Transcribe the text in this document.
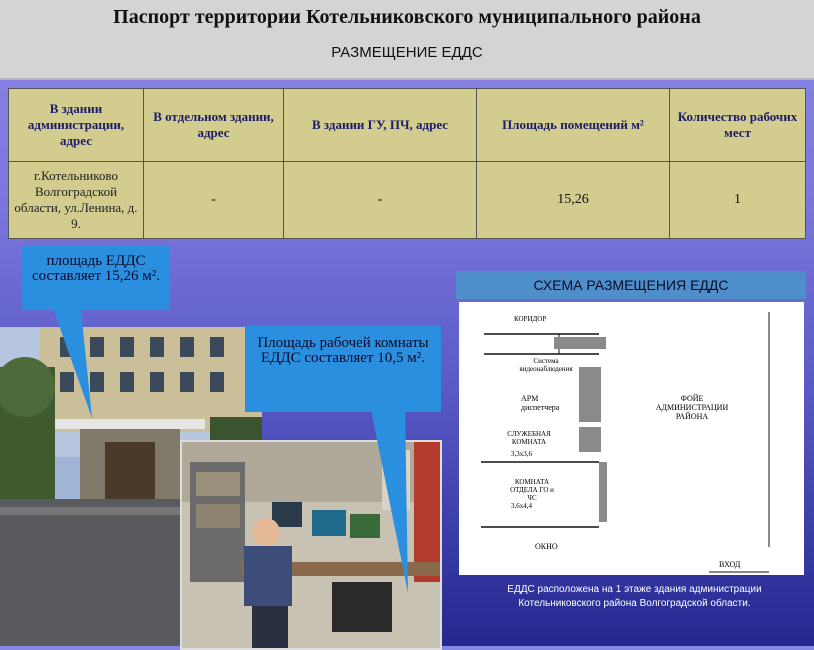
Паспорт территории Котельниковского муниципального района
РАЗМЕЩЕНИЕ ЕДДС
В здании администрации, адрес	В отдельном здании, адрес	В здании ГУ, ПЧ, адрес	Площадь помещений м²	Количество рабочих мест
г.Котельниково Волгоградской области, ул.Ленина, д. 9.	-	-	15,26	1
площадь ЕДДС составляет 15,26 м².
Площадь рабочей комнаты ЕДДС составляет 10,5 м².
СХЕМА РАЗМЕЩЕНИЯ ЕДДС
КОРИДОР
Система видеонаблюдения
АРМ диспетчера
СЛУЖЕБНАЯ КОМНАТА
3,3x3,6
КОМНАТА ОТДЕЛА ГО и ЧС
3,6x4,4
ОКНО
ФОЙЕ АДМИНИСТРАЦИИ РАЙОНА
ВХОД
ЕДДС расположена на 1 этаже здания администрации Котельниковского района Волгоградской области.
